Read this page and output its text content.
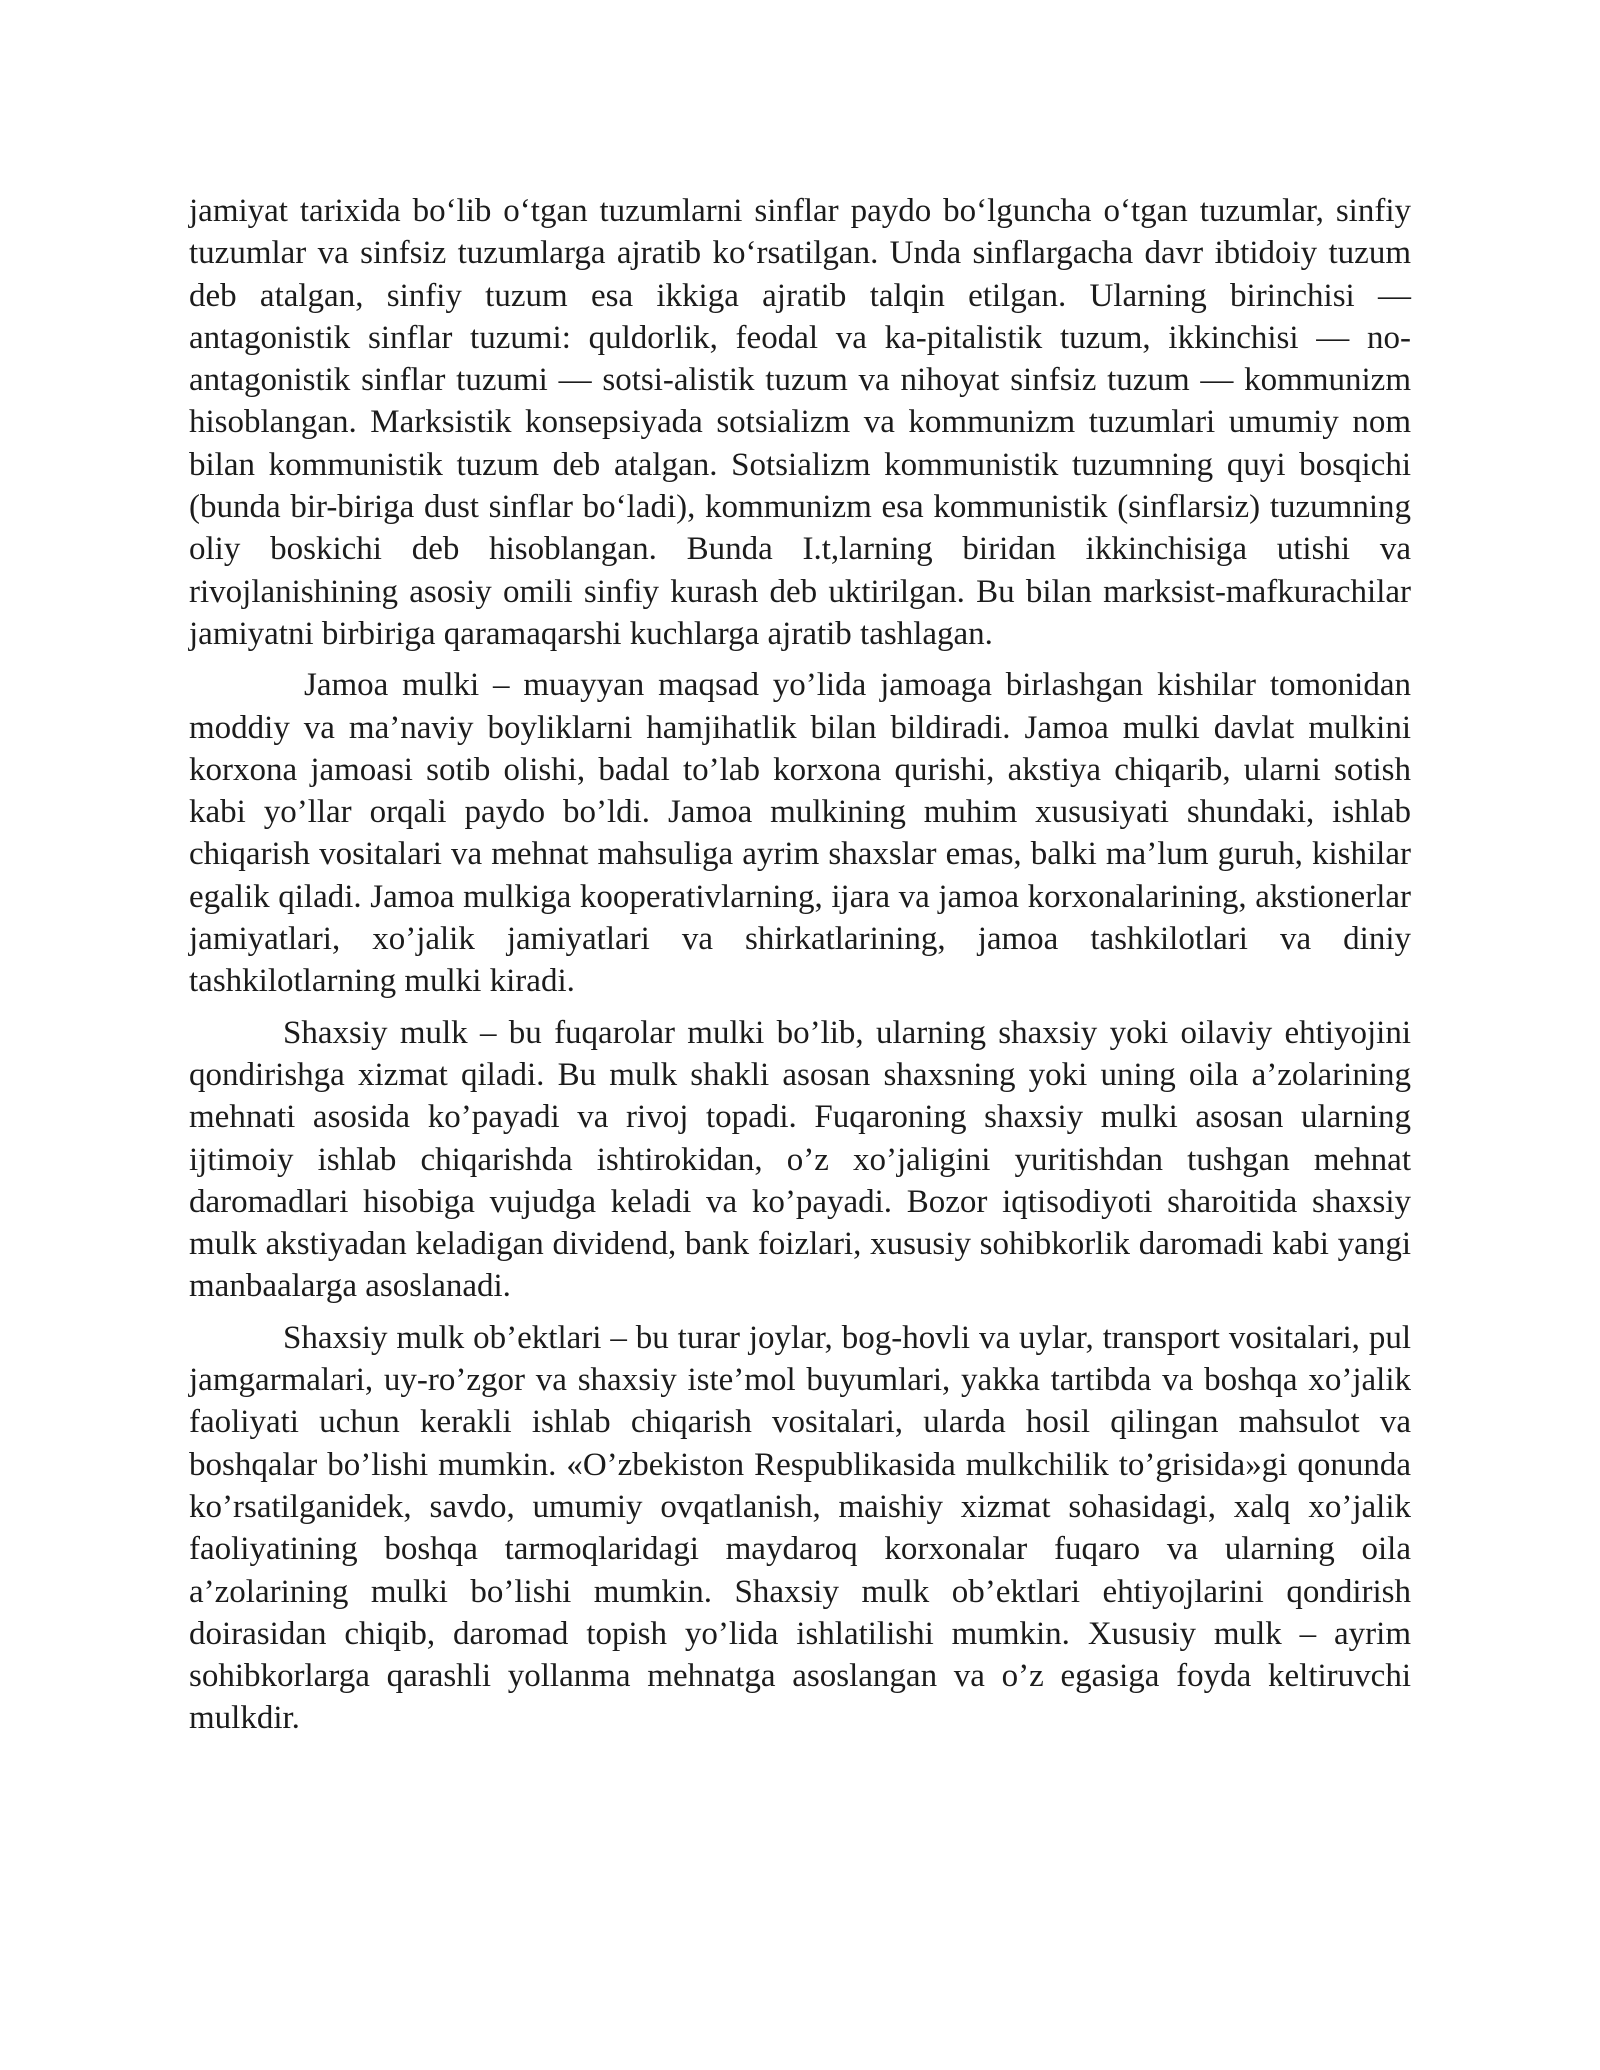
jamiyat tarixida bo‘lib o‘tgan tuzumlarni sinflar paydo bo‘lguncha o‘tgan tuzumlar, sinfiy tuzumlar va sinfsiz tuzumlarga ajratib ko‘rsatilgan. Unda sinflargacha davr ibtidoiy tuzum deb atalgan, sinfiy tuzum esa ikkiga ajratib talqin etilgan. Ularning birinchisi — antagonistik sinflar tuzumi: quldorlik, feodal va ka-pitalistik tuzum, ikkinchisi — no-antagonistik sinflar tuzumi — sotsi-alistik tuzum va nihoyat sinfsiz tuzum — kommunizm hisoblangan. Marksistik konsepsiyada sotsializm va kommunizm tuzumlari umumiy nom bilan kommunistik tuzum deb atalgan. Sotsializm kommunistik tuzumning quyi bosqichi (bunda bir-biriga dust sinflar bo‘ladi), kommunizm esa kommunistik (sinflarsiz) tuzumning oliy boskichi deb hisoblangan. Bunda I.t,larning biridan ikkinchisiga utishi va rivojlanishining asosiy omili sinfiy kurash deb uktirilgan. Bu bilan marksist-mafkurachilar jamiyatni birbiriga qaramaqarshi kuchlarga ajratib tashlagan.

Jamoa mulki – muayyan maqsad yo’lida jamoaga birlashgan kishilar tomonidan moddiy va ma’naviy boyliklarni hamjihatlik bilan bildiradi. Jamoa mulki davlat mulkini korxona jamoasi sotib olishi, badal to’lab korxona qurishi, akstiya chiqarib, ularni sotish kabi yo’llar orqali paydo bo’ldi. Jamoa mulkining muhim xususiyati shundaki, ishlab chiqarish vositalari va mehnat mahsuliga ayrim shaxslar emas, balki ma’lum guruh, kishilar egalik qiladi. Jamoa mulkiga kooperativlarning, ijara va jamoa korxonalarining, akstionerlar jamiyatlari, xo’jalik jamiyatlari va shirkatlarining, jamoa tashkilotlari va diniy tashkilotlarning mulki kiradi.

Shaxsiy mulk – bu fuqarolar mulki bo’lib, ularning shaxsiy yoki oilaviy ehtiyojini qondirishga xizmat qiladi. Bu mulk shakli asosan shaxsning yoki uning oila a’zolarining mehnati asosida ko’payadi va rivoj topadi. Fuqaroning shaxsiy mulki asosan ularning ijtimoiy ishlab chiqarishda ishtirokidan, o’z xo’jaligini yuritishdan tushgan mehnat daromadlari hisobiga vujudga keladi va ko’payadi. Bozor iqtisodiyoti sharoitida shaxsiy mulk akstiyadan keladigan dividend, bank foizlari, xususiy sohibkorlik daromadi kabi yangi manbaalarga asoslanadi.

Shaxsiy mulk ob’ektlari – bu turar joylar, bog-hovli va uylar, transport vositalari, pul jamgarmalari, uy-ro’zgor va shaxsiy iste’mol buyumlari, yakka tartibda va boshqa xo’jalik faoliyati uchun kerakli ishlab chiqarish vositalari, ularda hosil qilingan mahsulot va boshqalar bo’lishi mumkin. «O’zbekiston Respublikasida mulkchilik to’grisida»gi qonunda ko’rsatilganidek, savdo, umumiy ovqatlanish, maishiy xizmat sohasidagi, xalq xo’jalik faoliyatining boshqa tarmoqlaridagi maydaroq korxonalar fuqaro va ularning oila a’zolarining mulki bo’lishi mumkin. Shaxsiy mulk ob’ektlari ehtiyojlarini qondirish doirasidan chiqib, daromad topish yo’lida ishlatilishi mumkin. Xususiy mulk – ayrim sohibkorlarga qarashli yollanma mehnatga asoslangan va o’z egasiga foyda keltiruvchi mulkdir.
